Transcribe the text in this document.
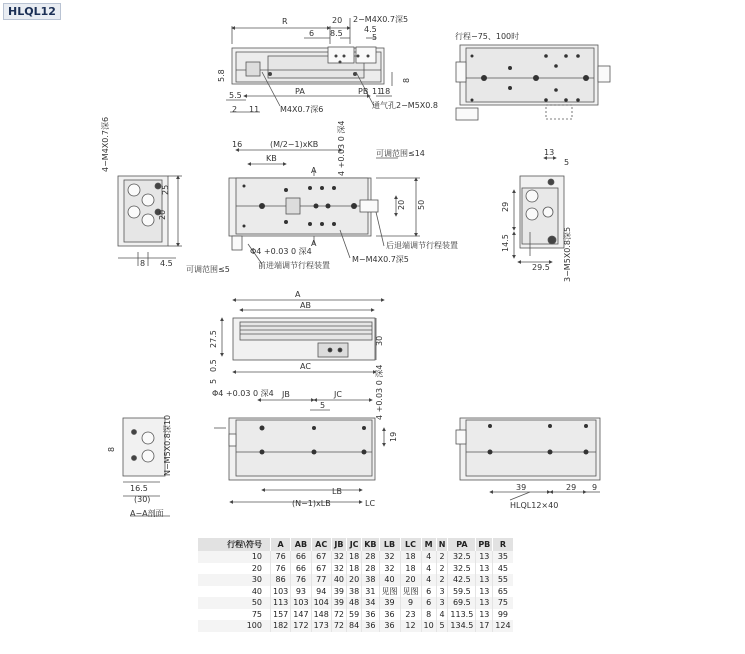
HLQL12
R	20 2−M4X0.7深5
6 8.5	4.5
5
5.8	8
PA	PB 11
18
5.5
2 11	M4X0.7深6	通气孔2−M5X0.8
行程−75、100时
4−M4X0.7深6
25
20
8 4.5
16	(M/2−1)xKB
KB
A	4 +0.03 0 深4	可调范围≤14
20 50
Φ4 +0.03 0 深4
后退端调节行程装置
可调范围≤5	前进端调节行程装置
M−M4X0.7深5
A
13
5
29
14.5
29.5 3−M5X0.8深5
A
AB
27.5	30
0.5
5
AC
Φ4 +0.03 0 深4 JB	JC
5	4 +0.03 0 深4
19
LB
LC
(N−1)xLB
N−M5X0.8深10
8
16.5
(30)
A−A剖面
39	29 9
HLQL12×40
行程\符号	A	AB	AC	JB	JC	KB	LB	LC	M	N	PA	PB	R
10	76	66	67	32	18	28	32	18	4	2	32.5	13	35
20	76	66	67	32	18	28	32	18	4	2	32.5	13	45
30	86	76	77	40	20	38	40	20	4	2	42.5	13	55
40	103	93	94	39	38	31	见图	见图	6	3	59.5	13	65
50	113	103	104	39	48	34	39	9	6	3	69.5	13	75
75	157	147	148	72	59	36	36	23	8	4	113.5	13	99
100	182	172	173	72	84	36	36	12	10	5	134.5	17	124
